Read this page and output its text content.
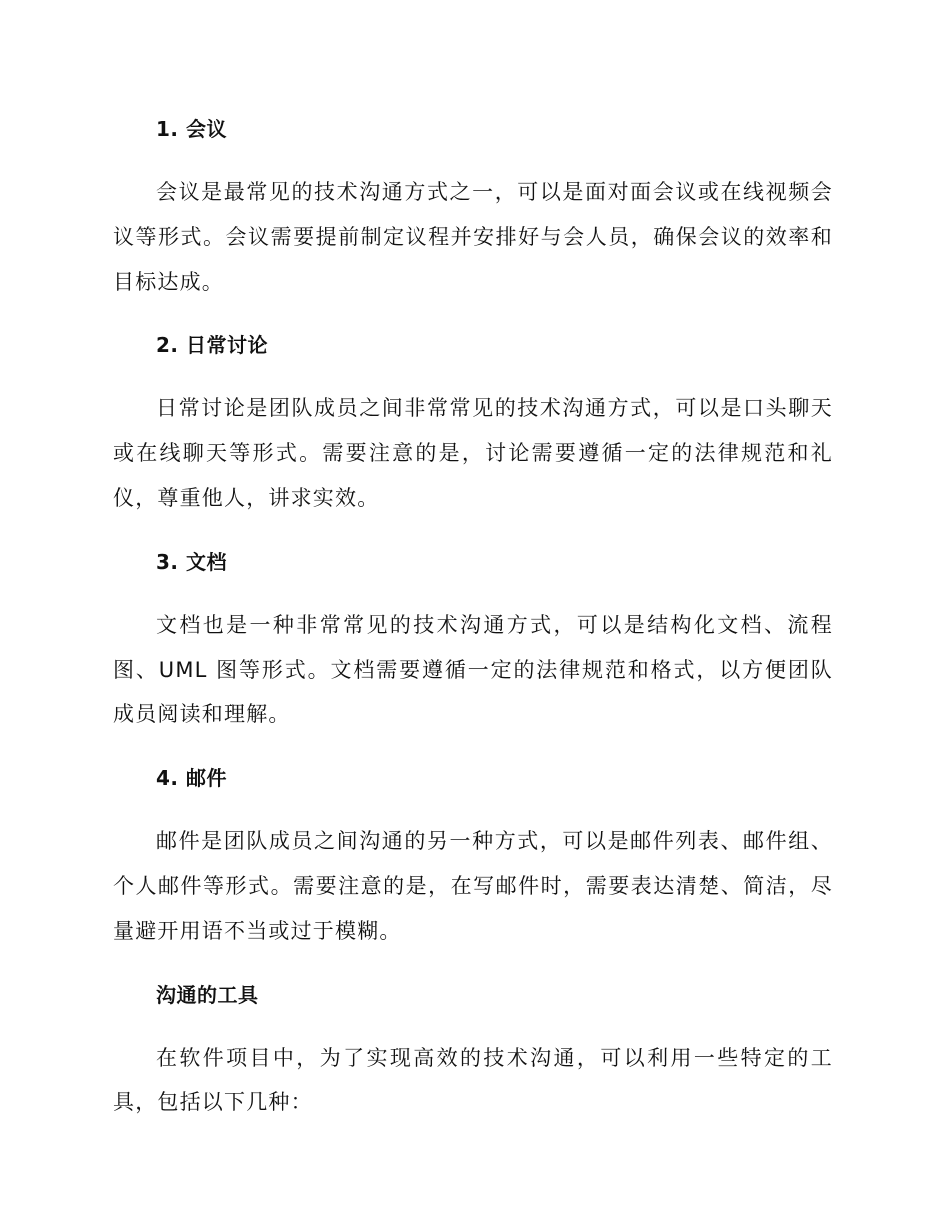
1. 会议

会议是最常见的技术沟通方式之一，可以是面对面会议或在线视频会议等形式。会议需要提前制定议程并安排好与会人员，确保会议的效率和目标达成。

2. 日常讨论

日常讨论是团队成员之间非常常见的技术沟通方式，可以是口头聊天或在线聊天等形式。需要注意的是，讨论需要遵循一定的法律规范和礼仪，尊重他人，讲求实效。

3. 文档

文档也是一种非常常见的技术沟通方式，可以是结构化文档、流程图、UML 图等形式。文档需要遵循一定的法律规范和格式，以方便团队成员阅读和理解。

4. 邮件

邮件是团队成员之间沟通的另一种方式，可以是邮件列表、邮件组、个人邮件等形式。需要注意的是，在写邮件时，需要表达清楚、简洁，尽量避开用语不当或过于模糊。

沟通的工具

在软件项目中，为了实现高效的技术沟通，可以利用一些特定的工具，包括以下几种：
